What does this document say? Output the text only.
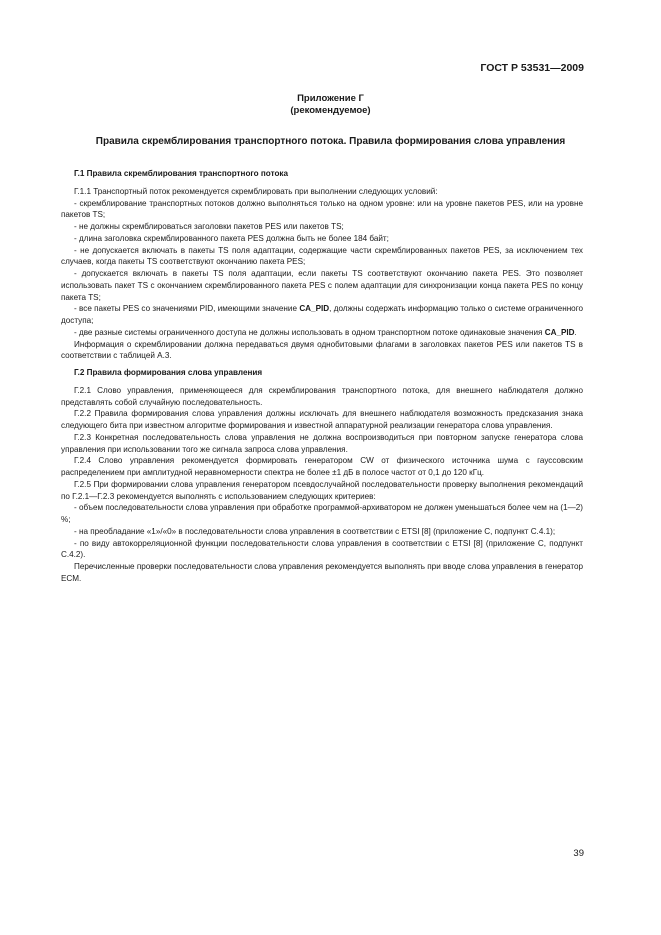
ГОСТ Р 53531—2009
Приложение Г
(рекомендуемое)
Правила скремблирования транспортного потока. Правила формирования слова управления
Г.1 Правила скремблирования транспортного потока

Г.1.1 Транспортный поток рекомендуется скремблировать при выполнении следующих условий:

- скремблирование транспортных потоков должно выполняться только на одном уровне: или на уровне пакетов PES, или на уровне пакетов TS;

- не должны скремблироваться заголовки пакетов PES или пакетов TS;

- длина заголовка скремблированного пакета PES должна быть не более 184 байт;

- не допускается включать в пакеты TS поля адаптации, содержащие части скремблированных пакетов PES, за исключением тех случаев, когда пакеты TS соответствуют окончанию пакета PES;

- допускается включать в пакеты TS поля адаптации, если пакеты TS соответствуют окончанию пакета PES. Это позволяет использовать пакет TS с окончанием скремблированного пакета PES с полем адаптации для синхронизации конца пакета PES по концу пакета TS;

- все пакеты PES со значениями PID, имеющими значение CA_PID, должны содержать информацию только о системе ограниченного доступа;

- две разные системы ограниченного доступа не должны использовать в одном транспортном потоке одинаковые значения CA_PID.

Информация о скремблировании должна передаваться двумя однобитовыми флагами в заголовках пакетов PES или пакетов TS в соответствии с таблицей А.3.

Г.2 Правила формирования слова управления

Г.2.1 Слово управления, применяющееся для скремблирования транспортного потока, для внешнего наблюдателя должно представлять собой случайную последовательность.

Г.2.2 Правила формирования слова управления должны исключать для внешнего наблюдателя возможность предсказания знака следующего бита при известном алгоритме формирования и известной аппаратурной реализации генератора слова управления.

Г.2.3 Конкретная последовательность слова управления не должна воспроизводиться при повторном запуске генератора слова управления при использовании того же сигнала запроса слова управления.

Г.2.4 Слово управления рекомендуется формировать генератором CW от физического источника шума с гауссовским распределением при амплитудной неравномерности спектра не более ±1 дБ в полосе частот от 0,1 до 120 кГц.

Г.2.5 При формировании слова управления генератором псевдослучайной последовательности проверку выполнения рекомендаций по Г.2.1—Г.2.3 рекомендуется выполнять с использованием следующих критериев:

- объем последовательности слова управления при обработке программой-архиватором не должен уменьшаться более чем на (1—2) %;

- на преобладание «1»/«0» в последовательности слова управления в соответствии с ETSI [8] (приложение С, подпункт С.4.1);

- по виду автокорреляционной функции последовательности слова управления в соответствии с ETSI [8] (приложение С, подпункт С.4.2).

Перечисленные проверки последовательности слова управления рекомендуется выполнять при вводе слова управления в генератор ЕСМ.

39
